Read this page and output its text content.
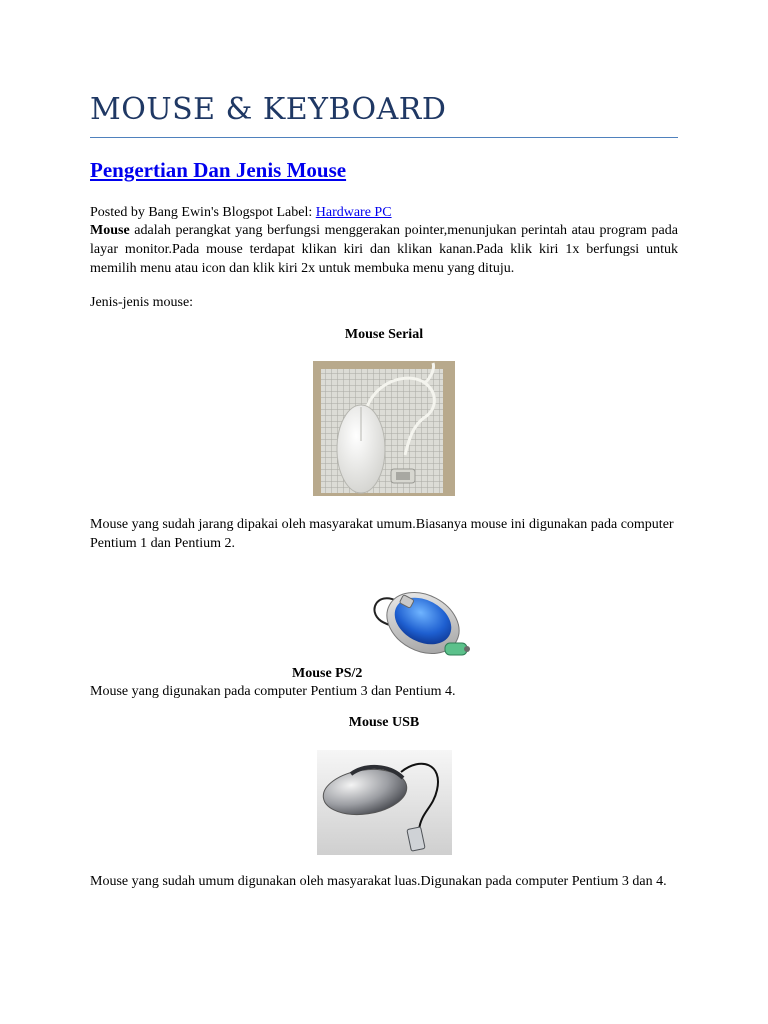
MOUSE & KEYBOARD
Pengertian Dan Jenis Mouse
Posted by Bang Ewin's Blogspot Label: Hardware PC
Mouse adalah perangkat yang berfungsi menggerakan pointer,menunjukan perintah atau program pada layar monitor.Pada mouse terdapat klikan kiri dan klikan kanan.Pada klik kiri 1x berfungsi untuk memilih menu atau icon dan klik kiri 2x untuk membuka menu yang dituju.
Jenis-jenis mouse:
Mouse Serial
Mouse yang sudah jarang dipakai oleh masyarakat umum.Biasanya mouse ini digunakan pada computer Pentium 1 dan Pentium 2.
Mouse PS/2
Mouse yang digunakan pada computer Pentium 3 dan Pentium 4.
Mouse USB
Mouse yang sudah umum digunakan oleh masyarakat luas.Digunakan pada computer Pentium 3 dan 4.
